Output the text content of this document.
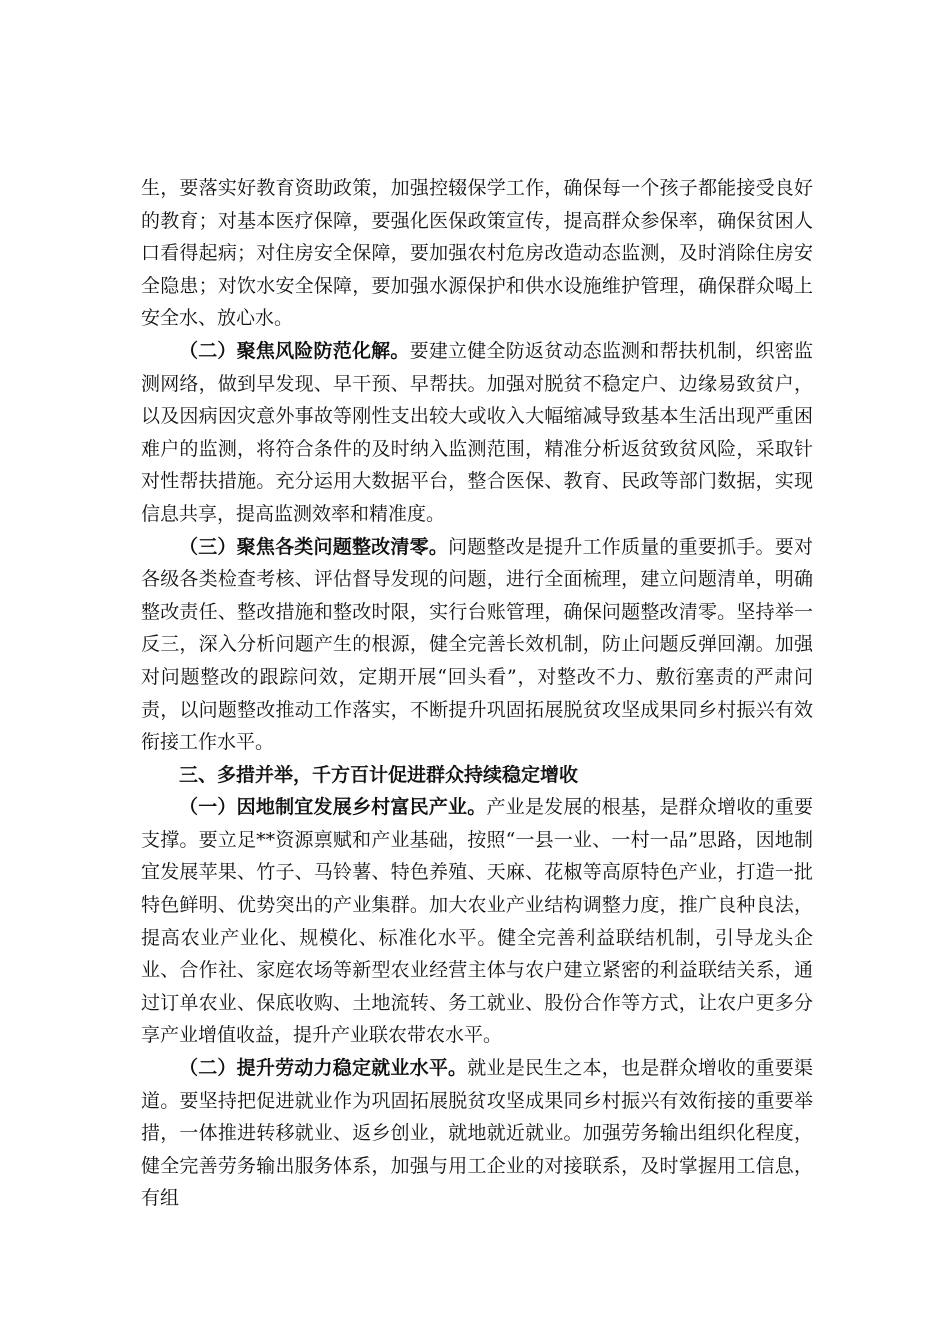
生，要落实好教育资助政策，加强控辍保学工作，确保每一个孩子都能接受良好的教育；对基本医疗保障，要强化医保政策宣传，提高群众参保率，确保贫困人口看得起病；对住房安全保障，要加强农村危房改造动态监测，及时消除住房安全隐患；对饮水安全保障，要加强水源保护和供水设施维护管理，确保群众喝上安全水、放心水。

（二）聚焦风险防范化解。要建立健全防返贫动态监测和帮扶机制，织密监测网络，做到早发现、早干预、早帮扶。加强对脱贫不稳定户、边缘易致贫户，以及因病因灾意外事故等刚性支出较大或收入大幅缩减导致基本生活出现严重困难户的监测，将符合条件的及时纳入监测范围，精准分析返贫致贫风险，采取针对性帮扶措施。充分运用大数据平台，整合医保、教育、民政等部门数据，实现信息共享，提高监测效率和精准度。

（三）聚焦各类问题整改清零。问题整改是提升工作质量的重要抓手。要对各级各类检查考核、评估督导发现的问题，进行全面梳理，建立问题清单，明确整改责任、整改措施和整改时限，实行台账管理，确保问题整改清零。坚持举一反三，深入分析问题产生的根源，健全完善长效机制，防止问题反弹回潮。加强对问题整改的跟踪问效，定期开展“回头看”，对整改不力、敷衍塞责的严肃问责，以问题整改推动工作落实，不断提升巩固拓展脱贫攻坚成果同乡村振兴有效衔接工作水平。

三、多措并举，千方百计促进群众持续稳定增收

（一）因地制宜发展乡村富民产业。产业是发展的根基，是群众增收的重要支撑。要立足**资源禀赋和产业基础，按照“一县一业、一村一品”思路，因地制宜发展苹果、竹子、马铃薯、特色养殖、天麻、花椒等高原特色产业，打造一批特色鲜明、优势突出的产业集群。加大农业产业结构调整力度，推广良种良法，提高农业产业化、规模化、标准化水平。健全完善利益联结机制，引导龙头企业、合作社、家庭农场等新型农业经营主体与农户建立紧密的利益联结关系，通过订单农业、保底收购、土地流转、务工就业、股份合作等方式，让农户更多分享产业增值收益，提升产业联农带农水平。

（二）提升劳动力稳定就业水平。就业是民生之本，也是群众增收的重要渠道。要坚持把促进就业作为巩固拓展脱贫攻坚成果同乡村振兴有效衔接的重要举措，一体推进转移就业、返乡创业，就地就近就业。加强劳务输出组织化程度，健全完善劳务输出服务体系，加强与用工企业的对接联系，及时掌握用工信息，有组
